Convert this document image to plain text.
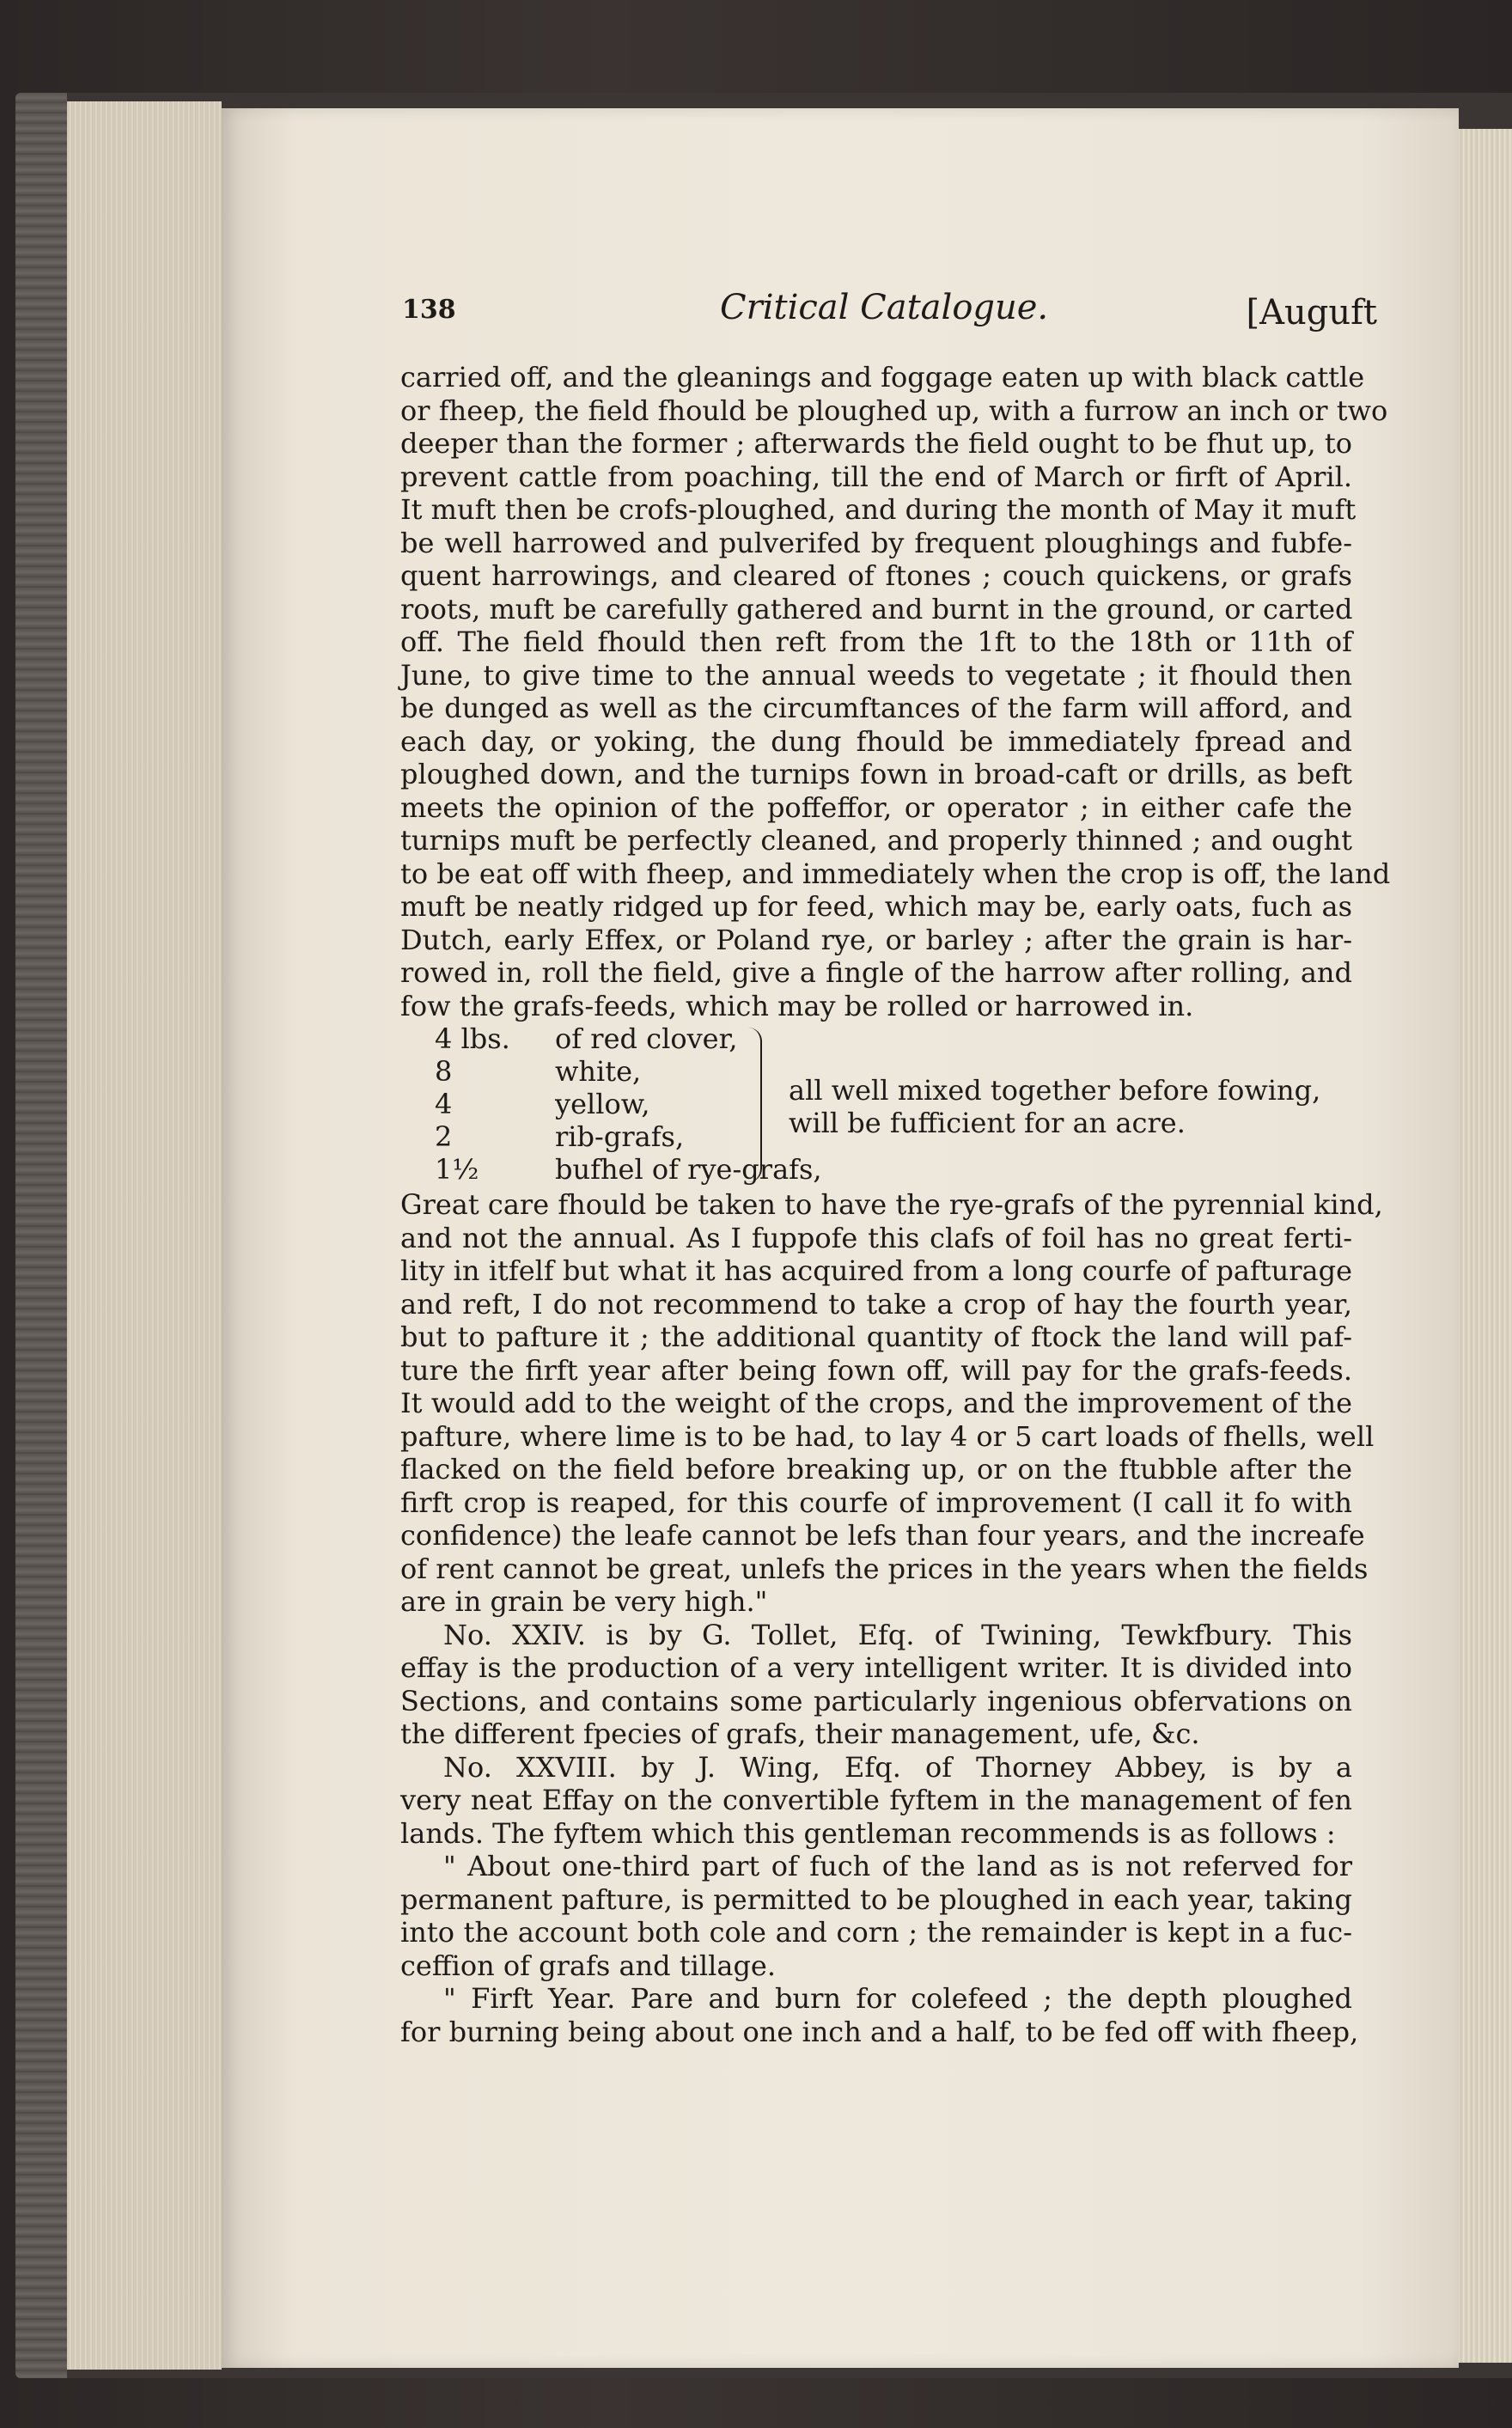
138	Critical Catalogue.	[Auguft
carried off, and the gleanings and foggage eaten up with black cattle
or fheep, the field fhould be ploughed up, with a furrow an inch or two
deeper than the former ; afterwards the field ought to be fhut up, to
prevent cattle from poaching, till the end of March or firft of April.
It muft then be crofs-ploughed, and during the month of May it muft
be well harrowed and pulverifed by frequent ploughings and fubfe-
quent harrowings, and cleared of ftones ; couch quickens, or grafs
roots, muft be carefully gathered and burnt in the ground, or carted
off. The field fhould then reft from the 1ft to the 18th or 11th of
June, to give time to the annual weeds to vegetate ; it fhould then
be dunged as well as the circumftances of the farm will afford, and
each day, or yoking, the dung fhould be immediately fpread and
ploughed down, and the turnips fown in broad-caft or drills, as beft
meets the opinion of the poffeffor, or operator ; in either cafe the
turnips muft be perfectly cleaned, and properly thinned ; and ought
to be eat off with fheep, and immediately when the crop is off, the land
muft be neatly ridged up for feed, which may be, early oats, fuch as
Dutch, early Effex, or Poland rye, or barley ; after the grain is har-
rowed in, roll the field, give a fingle of the harrow after rolling, and
fow the grafs-feeds, which may be rolled or harrowed in.
4 lbs. of red clover,
8	white,
4	yellow,
2	rib-grafs,
1½	bufhel of rye-grafs,
all well mixed together before fowing,
will be fufficient for an acre.
Great care fhould be taken to have the rye-grafs of the pyrennial kind,
and not the annual. As I fuppofe this clafs of foil has no great ferti-
lity in itfelf but what it has acquired from a long courfe of pafturage
and reft, I do not recommend to take a crop of hay the fourth year,
but to pafture it ; the additional quantity of ftock the land will paf-
ture the firft year after being fown off, will pay for the grafs-feeds.
It would add to the weight of the crops, and the improvement of the
pafture, where lime is to be had, to lay 4 or 5 cart loads of fhells, well
flacked on the field before breaking up, or on the ftubble after the
firft crop is reaped, for this courfe of improvement (I call it fo with
confidence) the leafe cannot be lefs than four years, and the increafe
of rent cannot be great, unlefs the prices in the years when the fields
are in grain be very high."
No. XXIV. is by G. Tollet, Efq. of Twining, Tewkfbury. This
effay is the production of a very intelligent writer. It is divided into
Sections, and contains some particularly ingenious obfervations on
the different fpecies of grafs, their management, ufe, &c.
No. XXVIII. by J. Wing, Efq. of Thorney Abbey, is by a
very neat Effay on the convertible fyftem in the management of fen
lands. The fyftem which this gentleman recommends is as follows :
" About one-third part of fuch of the land as is not referved for
permanent pafture, is permitted to be ploughed in each year, taking
into the account both cole and corn ; the remainder is kept in a fuc-
ceffion of grafs and tillage.
" Firft Year. Pare and burn for colefeed ; the depth ploughed
for burning being about one inch and a half, to be fed off with fheep,
